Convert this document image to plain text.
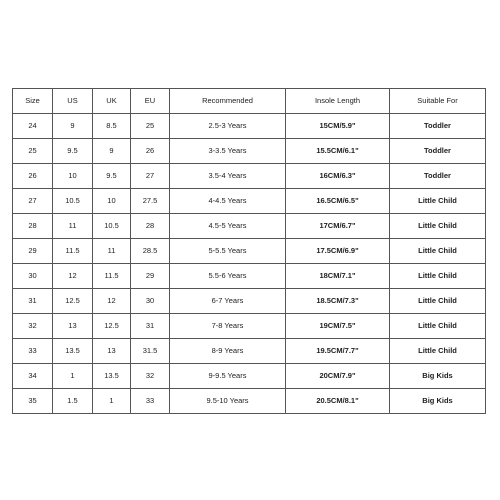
Size	US	UK	EU	Recommended	Insole Length	Suitable For
24	9	8.5	25	2.5-3 Years	15CM/5.9"	Toddler
25	9.5	9	26	3-3.5 Years	15.5CM/6.1"	Toddler
26	10	9.5	27	3.5-4 Years	16CM/6.3"	Toddler
27	10.5	10	27.5	4-4.5 Years	16.5CM/6.5"	Little Child
28	11	10.5	28	4.5-5 Years	17CM/6.7"	Little Child
29	11.5	11	28.5	5-5.5 Years	17.5CM/6.9"	Little Child
30	12	11.5	29	5.5-6 Years	18CM/7.1"	Little Child
31	12.5	12	30	6-7 Years	18.5CM/7.3"	Little Child
32	13	12.5	31	7-8 Years	19CM/7.5"	Little Child
33	13.5	13	31.5	8-9 Years	19.5CM/7.7"	Little Child
34	1	13.5	32	9-9.5 Years	20CM/7.9"	Big Kids
35	1.5	1	33	9.5-10 Years	20.5CM/8.1"	Big Kids
